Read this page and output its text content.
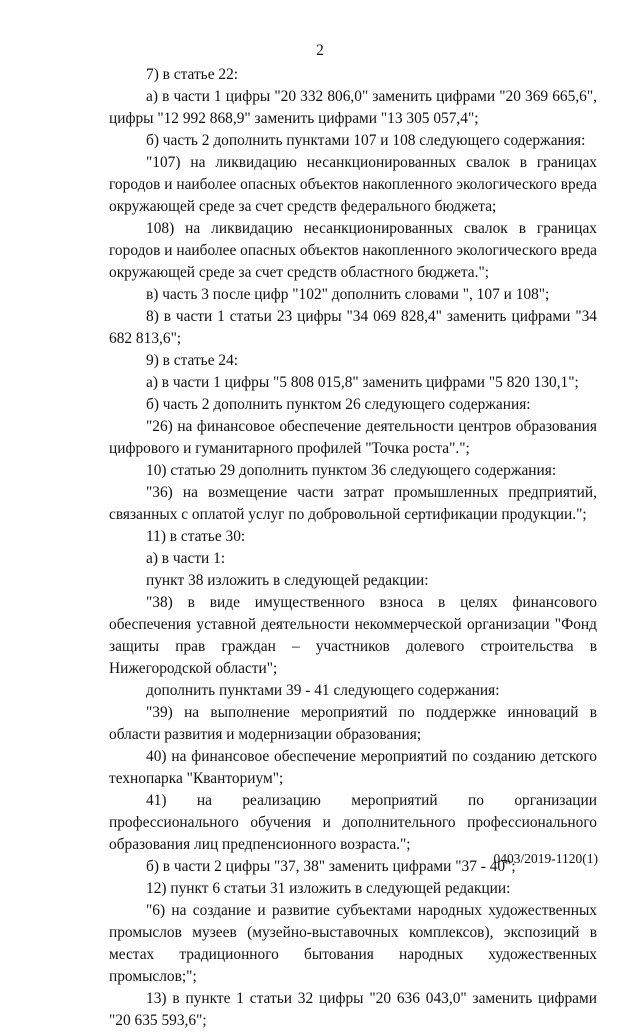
2
7) в статье 22:
а) в части 1 цифры "20 332 806,0" заменить цифрами "20 369 665,6", цифры "12 992 868,9" заменить цифрами "13 305 057,4";
б) часть 2 дополнить пунктами 107 и 108 следующего содержания:
"107) на ликвидацию несанкционированных свалок в границах городов и наиболее опасных объектов накопленного экологического вреда окружающей среде за счет средств федерального бюджета;
108) на ликвидацию несанкционированных свалок в границах городов и наиболее опасных объектов накопленного экологического вреда окружающей среде за счет средств областного бюджета.";
в) часть 3 после цифр "102" дополнить словами ", 107 и 108";
8) в части 1 статьи 23 цифры "34 069 828,4" заменить цифрами "34 682 813,6";
9) в статье 24:
а) в части 1 цифры "5 808 015,8" заменить цифрами "5 820 130,1";
б) часть 2 дополнить пунктом 26 следующего содержания:
"26) на финансовое обеспечение деятельности центров образования цифрового и гуманитарного профилей "Точка роста".";
10) статью 29 дополнить пунктом 36 следующего содержания:
"36) на возмещение части затрат промышленных предприятий, связанных с оплатой услуг по добровольной сертификации продукции.";
11) в статье 30:
а) в части 1:
пункт 38 изложить в следующей редакции:
"38) в виде имущественного взноса в целях финансового обеспечения уставной деятельности некоммерческой организации "Фонд защиты прав граждан – участников долевого строительства в Нижегородской области";
дополнить пунктами 39 - 41 следующего содержания:
"39) на выполнение мероприятий по поддержке инноваций в области развития и модернизации образования;
40) на финансовое обеспечение мероприятий по созданию детского технопарка "Кванториум";
41) на реализацию мероприятий по организации профессионального обучения и дополнительного профессионального образования лиц предпенсионного возраста.";
б) в части 2 цифры "37, 38" заменить цифрами "37 - 40";
12) пункт 6 статьи 31 изложить в следующей редакции:
"6) на создание и развитие субъектами народных художественных промыслов музеев (музейно-выставочных комплексов), экспозиций в местах традиционного бытования народных художественных промыслов;";
13) в пункте 1 статьи 32 цифры "20 636 043,0" заменить цифрами "20 635 593,6";
0403/2019-1120(1)
